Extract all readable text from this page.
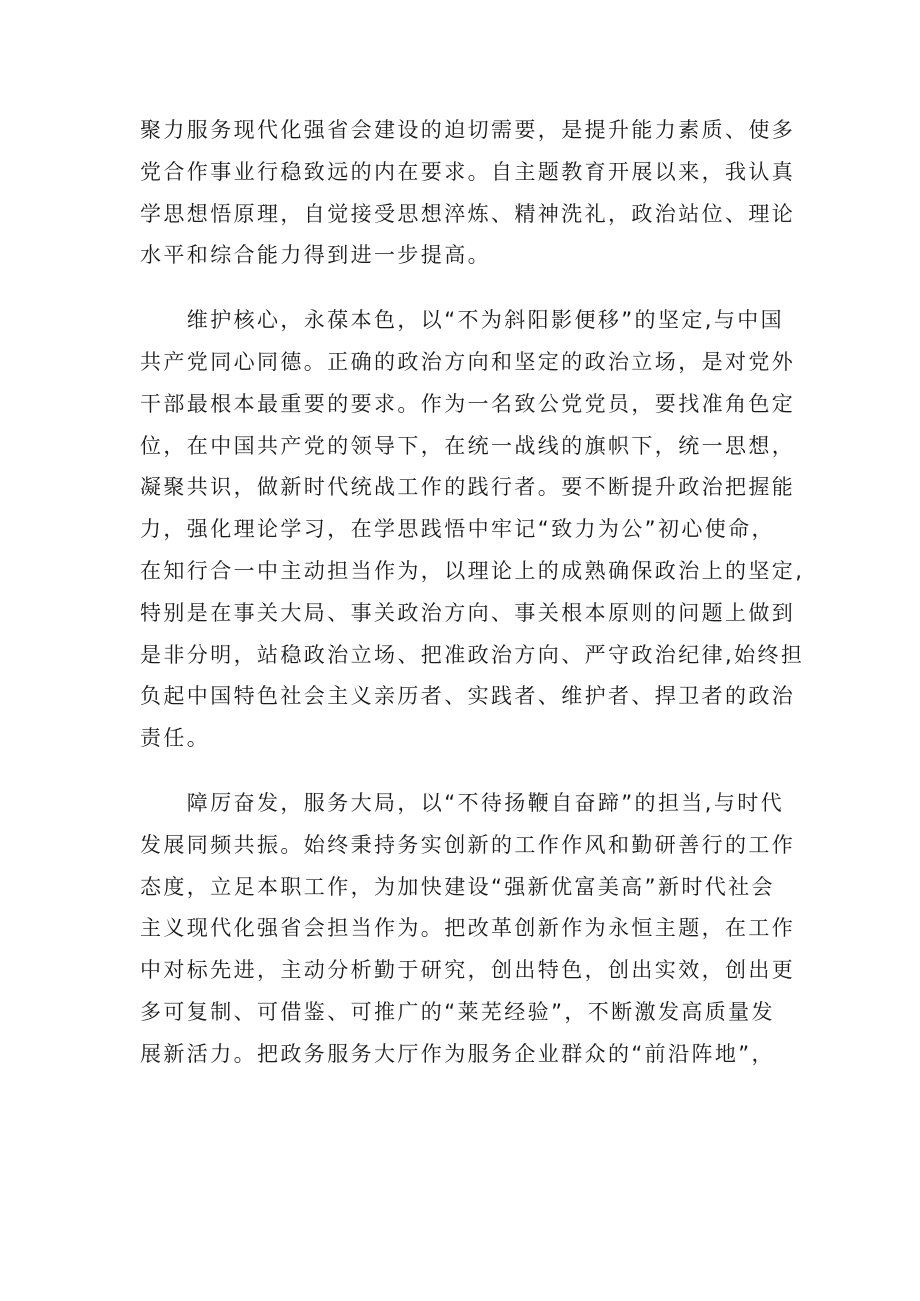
聚力服务现代化强省会建设的迫切需要，是提升能力素质、使多
党合作事业行稳致远的内在要求。自主题教育开展以来，我认真
学思想悟原理，自觉接受思想淬炼、精神洗礼，政治站位、理论
水平和综合能力得到进一步提高。
　　维护核心，永葆本色，以“不为斜阳影便移”的坚定,与中国
共产党同心同德。正确的政治方向和坚定的政治立场，是对党外
干部最根本最重要的要求。作为一名致公党党员，要找准角色定
位，在中国共产党的领导下，在统一战线的旗帜下，统一思想，
凝聚共识，做新时代统战工作的践行者。要不断提升政治把握能
力，强化理论学习，在学思践悟中牢记“致力为公”初心使命，
在知行合一中主动担当作为，以理论上的成熟确保政治上的坚定,
特别是在事关大局、事关政治方向、事关根本原则的问题上做到
是非分明，站稳政治立场、把准政治方向、严守政治纪律,始终担
负起中国特色社会主义亲历者、实践者、维护者、捍卫者的政治
责任。
　　障厉奋发，服务大局，以“不待扬鞭自奋蹄”的担当,与时代
发展同频共振。始终秉持务实创新的工作作风和勤研善行的工作
态度，立足本职工作，为加快建设“强新优富美高”新时代社会
主义现代化强省会担当作为。把改革创新作为永恒主题，在工作
中对标先进，主动分析勤于研究，创出特色，创出实效，创出更
多可复制、可借鉴、可推广的“莱芜经验”，不断激发高质量发
展新活力。把政务服务大厅作为服务企业群众的“前沿阵地”，
